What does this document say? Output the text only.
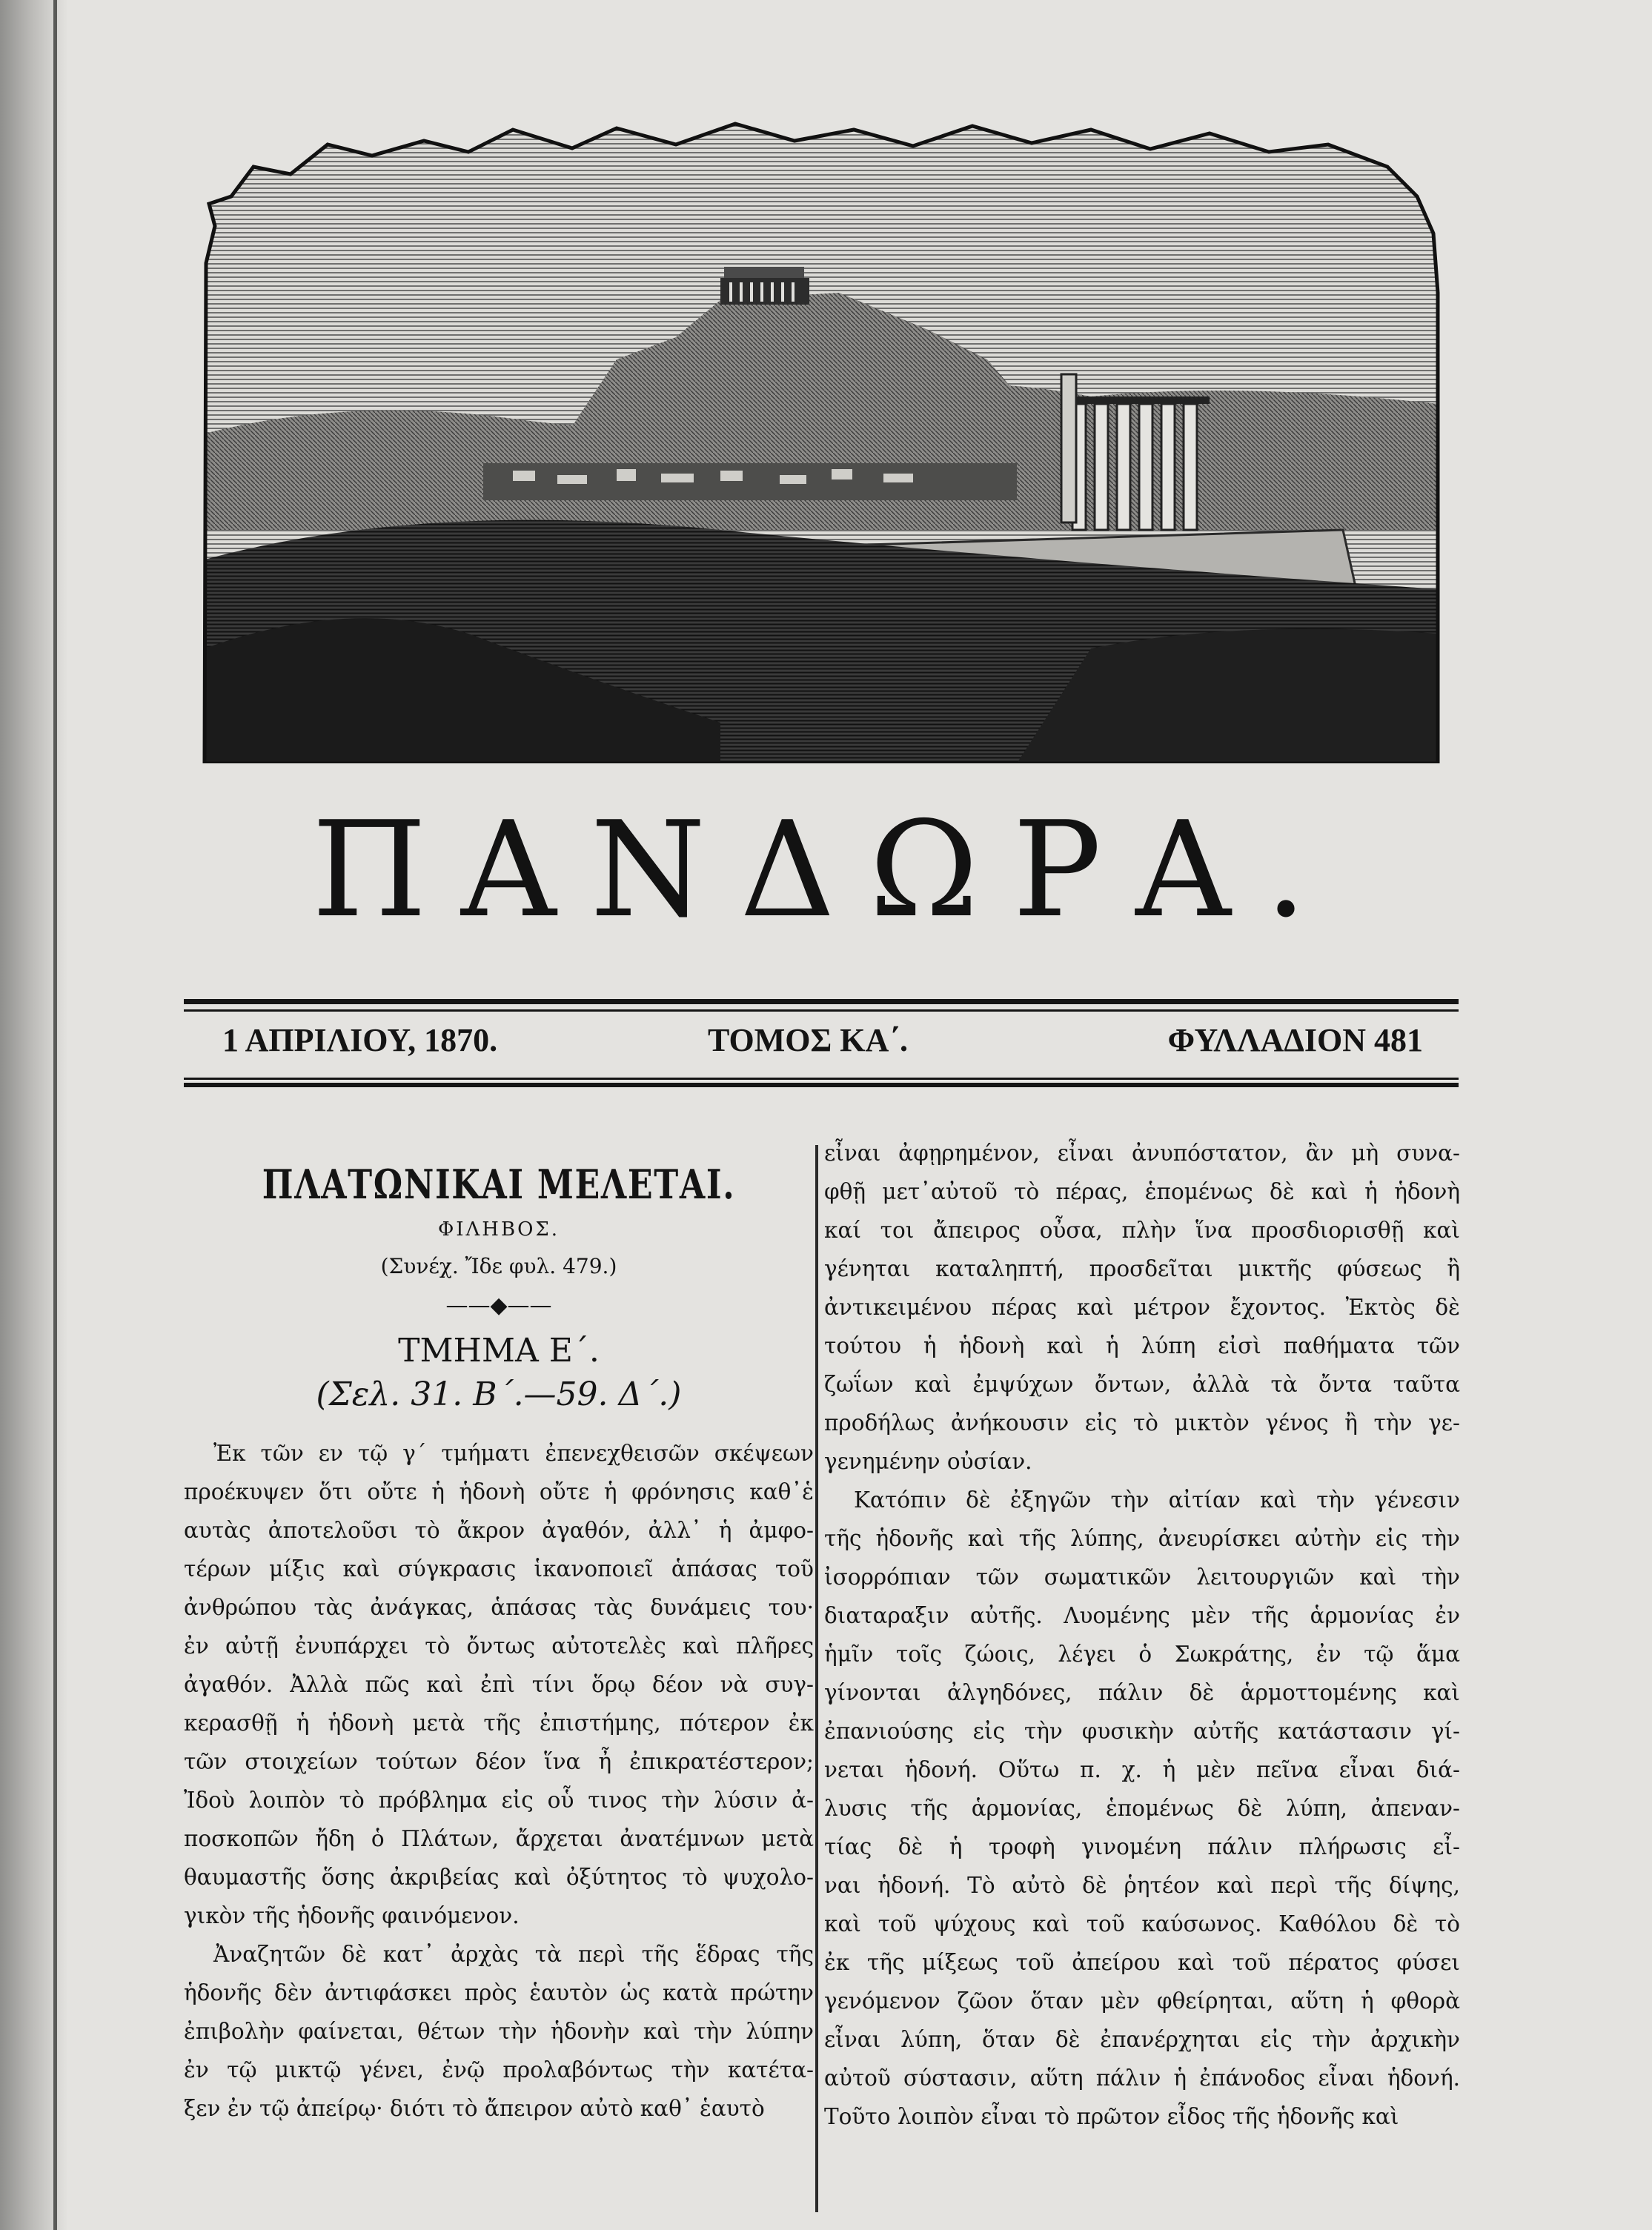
ΠΑΝΔΩΡΑ.
1 ΑΠΡΙΛΙΟΥ, 1870.	ΤΟΜΟΣ ΚΑ΄.	ΦΥΛΛΑΔΙΟΝ 481
ΠΛΑΤΩΝΙΚΑΙ ΜΕΛΕΤΑΙ.
ΦΙΛΗΒΟΣ.
(Συνέχ. Ἴδε φυλ. 479.)
——◆——
ΤΜΗΜΑ Ε΄.
(Σελ. 31. Β΄.—59. Δ΄.)
Ἐκ τῶν εν τῷ γ΄ τμήματι ἐπενεχθεισῶν σκέψεων
προέκυψεν ὅτι οὔτε ἡ ἡδονὴ οὔτε ἡ φρόνησις καθ᾽ἑ
αυτὰς ἀποτελοῦσι τὸ ἄκρον ἀγαθόν, ἀλλ᾽ ἡ ἀμφο-
τέρων μίξις καὶ σύγκρασις ἱκανοποιεῖ ἁπάσας τοῦ
ἀνθρώπου τὰς ἀνάγκας, ἁπάσας τὰς δυνάμεις του·
ἐν αὐτῇ ἐνυπάρχει τὸ ὄντως αὐτοτελὲς καὶ πλῆρες
ἀγαθόν. Ἀλλὰ πῶς καὶ ἐπὶ τίνι ὅρῳ δέον νὰ συγ-
κερασθῇ ἡ ἡδονὴ μετὰ τῆς ἐπιστήμης, πότερον ἐκ
τῶν στοιχείων τούτων δέον ἵνα ἦ ἐπικρατέστερον;
Ἰδοὺ λοιπὸν τὸ πρόβλημα εἰς οὗ τινος τὴν λύσιν ἀ-
ποσκοπῶν ἤδη ὁ Πλάτων, ἄρχεται ἀνατέμνων μετὰ
θαυμαστῆς ὅσης ἀκριβείας καὶ ὀξύτητος τὸ ψυχολο-
γικὸν τῆς ἡδονῆς φαινόμενον.
Ἀναζητῶν δὲ κατ᾽ ἀρχὰς τὰ περὶ τῆς ἕδρας τῆς
ἡδονῆς δὲν ἀντιφάσκει πρὸς ἑαυτὸν ὡς κατὰ πρώτην
ἐπιβολὴν φαίνεται, θέτων τὴν ἡδονὴν καὶ τὴν λύπην
ἐν τῷ μικτῷ γένει, ἐνῷ προλαβόντως τὴν κατέτα-
ξεν ἐν τῷ ἀπείρῳ· διότι τὸ ἄπειρον αὐτὸ καθ᾽ ἑαυτὸ
εἶναι ἀφῃρημένον, εἶναι ἀνυπόστατον, ἂν μὴ συνα-
φθῇ μετ᾽αὐτοῦ τὸ πέρας, ἑπομένως δὲ καὶ ἡ ἡδονὴ
καί τοι ἄπειρος οὖσα, πλὴν ἵνα προσδιορισθῇ καὶ
γένηται καταληπτή, προσδεῖται μικτῆς φύσεως ἢ
ἀντικειμένου πέρας καὶ μέτρον ἔχοντος. Ἐκτὸς δὲ
τούτου ἡ ἡδονὴ καὶ ἡ λύπη εἰσὶ παθήματα τῶν
ζωΐων καὶ ἐμψύχων ὄντων, ἀλλὰ τὰ ὄντα ταῦτα
προδήλως ἀνήκουσιν εἰς τὸ μικτὸν γένος ἢ τὴν γε-
γενημένην οὐσίαν.
Κατόπιν δὲ ἐξηγῶν τὴν αἰτίαν καὶ τὴν γένεσιν
τῆς ἡδονῆς καὶ τῆς λύπης, ἀνευρίσκει αὐτὴν εἰς τὴν
ἰσορρόπιαν τῶν σωματικῶν λειτουργιῶν καὶ τὴν
διαταραξιν αὐτῆς. Λυομένης μὲν τῆς ἁρμονίας ἐν
ἡμῖν τοῖς ζώοις, λέγει ὁ Σωκράτης, ἐν τῷ ἅμα
γίνονται ἀλγηδόνες, πάλιν δὲ ἁρμοττομένης καὶ
ἐπανιούσης εἰς τὴν φυσικὴν αὐτῆς κατάστασιν γί-
νεται ἡδονή. Οὕτω π. χ. ἡ μὲν πεῖνα εἶναι διά-
λυσις τῆς ἁρμονίας, ἑπομένως δὲ λύπη, ἀπεναν-
τίας δὲ ἡ τροφὴ γινομένη πάλιν πλήρωσις εἶ-
ναι ἡδονή. Τὸ αὐτὸ δὲ ῥητέον καὶ περὶ τῆς δίψης,
καὶ τοῦ ψύχους καὶ τοῦ καύσωνος. Καθόλου δὲ τὸ
ἐκ τῆς μίξεως τοῦ ἀπείρου καὶ τοῦ πέρατος φύσει
γενόμενον ζῶον ὅταν μὲν φθείρηται, αὕτη ἡ φθορὰ
εἶναι λύπη, ὅταν δὲ ἐπανέρχηται εἰς τὴν ἀρχικὴν
αὐτοῦ σύστασιν, αὕτη πάλιν ἡ ἐπάνοδος εἶναι ἡδονή.
Τοῦτο λοιπὸν εἶναι τὸ πρῶτον εἶδος τῆς ἡδονῆς καὶ
